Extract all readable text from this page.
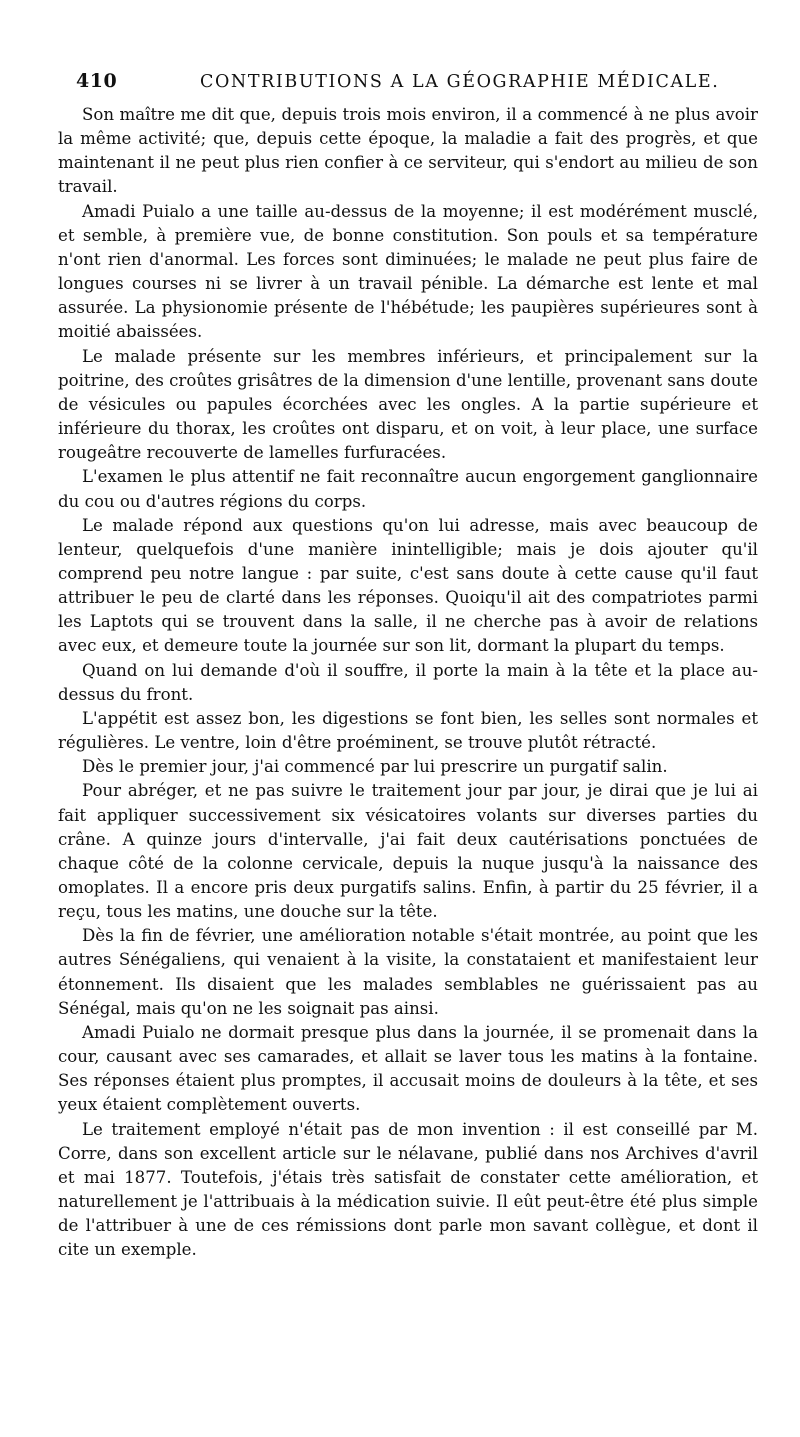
410	CONTRIBUTIONS A LA GÉOGRAPHIE MÉDICALE.

Son maître me dit que, depuis trois mois environ, il a commencé à ne plus avoir la même activité; que, depuis cette époque, la maladie a fait des progrès, et que maintenant il ne peut plus rien confier à ce serviteur, qui s'endort au milieu de son travail.

Amadi Puialo a une taille au-dessus de la moyenne; il est modérément musclé, et semble, à première vue, de bonne constitution. Son pouls et sa température n'ont rien d'anormal. Les forces sont diminuées; le malade ne peut plus faire de longues courses ni se livrer à un travail pénible. La démarche est lente et mal assurée. La physionomie présente de l'hébétude; les paupières supérieures sont à moitié abaissées.

Le malade présente sur les membres inférieurs, et principalement sur la poitrine, des croûtes grisâtres de la dimension d'une lentille, provenant sans doute de vésicules ou papules écorchées avec les ongles. A la partie supérieure et inférieure du thorax, les croûtes ont disparu, et on voit, à leur place, une surface rougeâtre recouverte de lamelles furfuracées.

L'examen le plus attentif ne fait reconnaître aucun engorgement ganglionnaire du cou ou d'autres régions du corps.

Le malade répond aux questions qu'on lui adresse, mais avec beaucoup de lenteur, quelquefois d'une manière inintelligible; mais je dois ajouter qu'il comprend peu notre langue : par suite, c'est sans doute à cette cause qu'il faut attribuer le peu de clarté dans les réponses. Quoiqu'il ait des compatriotes parmi les Laptots qui se trouvent dans la salle, il ne cherche pas à avoir de relations avec eux, et demeure toute la journée sur son lit, dormant la plupart du temps.

Quand on lui demande d'où il souffre, il porte la main à la tête et la place au-dessus du front.

L'appétit est assez bon, les digestions se font bien, les selles sont normales et régulières. Le ventre, loin d'être proéminent, se trouve plutôt rétracté.

Dès le premier jour, j'ai commencé par lui prescrire un purgatif salin.

Pour abréger, et ne pas suivre le traitement jour par jour, je dirai que je lui ai fait appliquer successivement six vésicatoires volants sur diverses parties du crâne. A quinze jours d'intervalle, j'ai fait deux cautérisations ponctuées de chaque côté de la colonne cervicale, depuis la nuque jusqu'à la naissance des omoplates. Il a encore pris deux purgatifs salins. Enfin, à partir du 25 février, il a reçu, tous les matins, une douche sur la tête.

Dès la fin de février, une amélioration notable s'était montrée, au point que les autres Sénégaliens, qui venaient à la visite, la constataient et manifestaient leur étonnement. Ils disaient que les malades semblables ne guérissaient pas au Sénégal, mais qu'on ne les soignait pas ainsi.

Amadi Puialo ne dormait presque plus dans la journée, il se promenait dans la cour, causant avec ses camarades, et allait se laver tous les matins à la fontaine. Ses réponses étaient plus promptes, il accusait moins de douleurs à la tête, et ses yeux étaient complètement ouverts.

Le traitement employé n'était pas de mon invention : il est conseillé par M. Corre, dans son excellent article sur le nélavane, publié dans nos Archives d'avril et mai 1877. Toutefois, j'étais très satisfait de constater cette amélioration, et naturellement je l'attribuais à la médication suivie. Il eût peut-être été plus simple de l'attribuer à une de ces rémissions dont parle mon savant collègue, et dont il cite un exemple.
